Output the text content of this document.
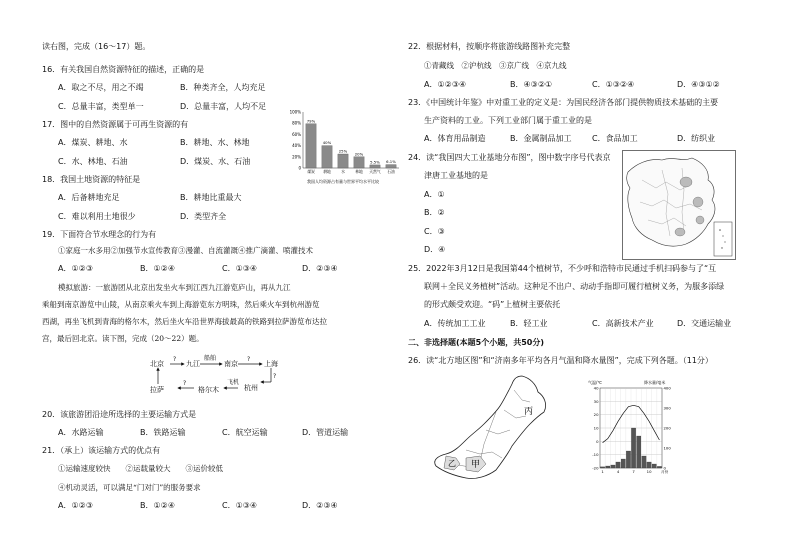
读右图，完成（16～17）题。
16．有关我国自然资源特征的描述，正确的是
A．取之不尽，用之不竭	B．种类齐全，人均充足
C．总量丰富，类型单一	D．总量丰富，人均不足
17．图中的自然资源属于可再生资源的有
A．煤炭、耕地、水	B．耕地、水、林地
C．水、林地、石油	D．煤炭、水、石油
100%
80%
60%
40%
20%
0
79%
煤炭
40%
耕地
25%
水
20%
林地
5.5%
天然气
6.1%
石油
我国人均资源占有量与世界平均水平比较
18．我国土地资源的特征是
A．后备耕地充足	B．耕地比重最大
C．难以利用土地很少	D．类型齐全
19．下面符合节水理念的行为有
①家庭一水多用②加强节水宣传教育③漫灌、自流灌溉④推广滴灌、喷灌技术
A．①②③	B．①②④	C．①③④	D．②③④
模拟旅游：一旅游团从北京出发坐火车到江西九江游览庐山，再从九江
乘船到南京游览中山陵，从南京乘火车到上海游览东方明珠，然后乘火车到杭州游览
西湖，再坐飞机到青海的格尔木，然后坐火车沿世界海拔最高的铁路到拉萨游览布达拉
宫，最后回北京。读下图，完成（20～22）题。
北京
?
九江
船舶
南京
?
上海
?
杭州
飞机
格尔木
?
拉萨
20．该旅游团沿途所选择的主要运输方式是
A．水路运输	B．铁路运输	C．航空运输	D．管道运输
21．（承上）该运输方式的优点有
①运输速度较快　　②运载量较大　　③运价较低
④机动灵活，可以满足“门对门”的服务要求
A．①②③	B．①②④	C．①③④	D．②③④
22．根据材料，按顺序将旅游线路图补充完整
①青藏线　②沪杭线　③京广线　④京九线
A．①②③④	B．④③②①	C．①③②④	D．④③①②
23．《中国统计年鉴》中对重工业的定义是：为国民经济各部门提供物质技术基础的主要
生产资料的工业。下列工业部门属于重工业的是
A．体育用品制造	B．金属制品加工	C．食品加工	D．纺织业
24．读“我国四大工业基地分布图”，图中数字序号代表京
津唐工业基地的是
A．①
B．②
C．③
D．④
25．2022年3月12日是我国第44个植树节，不少呼和浩特市民通过手机扫码参与了“互
联网＋全民义务植树”活动。这种足不出户、动动手指即可履行植树义务，为服多添绿
的形式颇受欢迎。“码”上植树主要依托
A．传统加工工业	B．轻工业	C．高新技术产业	D．交通运输业
二、非选择题(本题5个小题，共50分)
26．读“北方地区图”和“济南多年平均各月气温和降水量图”，完成下列各题。（11分）
丙
甲
乙
气温/℃	降水量/毫米
40
30
20
10
0
-10
-20
400
300
200
100
0
1	4	7	10	月份
